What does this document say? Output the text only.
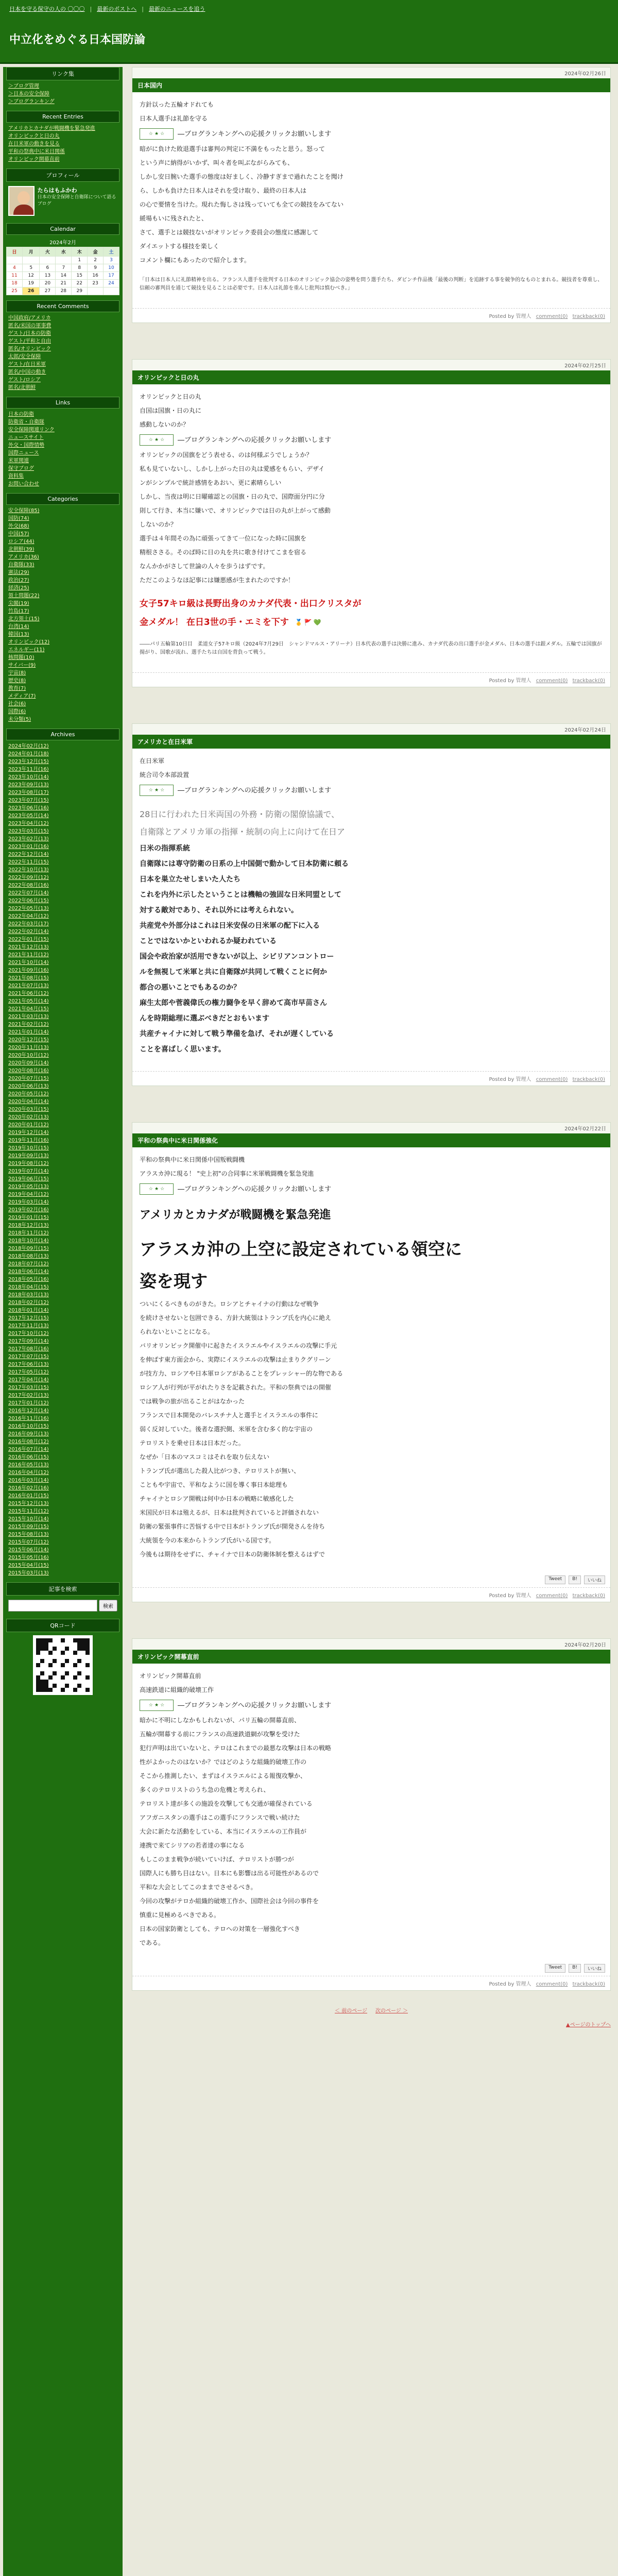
日本を守る保守の人の 〇〇〇 | 最新のポストへ | 最新のニュースを追う
中立化をめぐる日本国防論
リンク集
＞ブログ管理
＞日本の安全保障
＞ブログランキング
Recent Entries
アメリカとカナダが戦闘機を緊急発進
オリンピックと日の丸
在日米軍の動きを見る
平和の祭典中に米日関係
オリンピック開幕直前
プロフィール
たらはもふかわ
日本の安全保障と自衛隊について語るブログ
Calendar
2024年2月
日	月	火	水	木	金	土
				1	2	3
4	5	6	7	8	9	10
11	12	13	14	15	16	17
18	19	20	21	22	23	24
25	26	27	28	29		
Recent Comments
中国政府/アメリカ
匿名/米国の軍事費
ゲスト/日本の防衛
ゲスト/平和と自由
匿名/オリンピック
太郎/安全保障
ゲスト/在日米軍
匿名/中国の動き
ゲスト/ロシア
匿名/北朝鮮
Links
日本の防衛
防衛省・自衛隊
安全保障関連リンク
ニュースサイト
外交・国際情勢
国際ニュース
米軍関連
保守ブログ
資料集
お問い合わせ
Categories
安全保障(85)
国防(74)
外交(68)
中国(57)
ロシア(44)
北朝鮮(39)
アメリカ(36)
自衛隊(33)
憲法(29)
政治(27)
経済(25)
領土問題(22)
尖閣(19)
竹島(17)
北方領土(15)
台湾(14)
韓国(13)
オリンピック(12)
エネルギー(11)
核問題(10)
サイバー(9)
宇宙(8)
歴史(8)
教育(7)
メディア(7)
社会(6)
国際(6)
未分類(5)
Archives
2024年02月(12)
2024年01月(18)
2023年12月(15)
2023年11月(16)
2023年10月(14)
2023年09月(13)
2023年08月(17)
2023年07月(15)
2023年06月(16)
2023年05月(14)
2023年04月(12)
2023年03月(15)
2023年02月(13)
2023年01月(16)
2022年12月(14)
2022年11月(15)
2022年10月(13)
2022年09月(12)
2022年08月(16)
2022年07月(14)
2022年06月(15)
2022年05月(13)
2022年04月(12)
2022年03月(17)
2022年02月(14)
2022年01月(15)
2021年12月(13)
2021年11月(12)
2021年10月(14)
2021年09月(16)
2021年08月(15)
2021年07月(13)
2021年06月(12)
2021年05月(14)
2021年04月(15)
2021年03月(13)
2021年02月(12)
2021年01月(14)
2020年12月(15)
2020年11月(13)
2020年10月(12)
2020年09月(14)
2020年08月(16)
2020年07月(15)
2020年06月(13)
2020年05月(12)
2020年04月(14)
2020年03月(15)
2020年02月(13)
2020年01月(12)
2019年12月(14)
2019年11月(16)
2019年10月(15)
2019年09月(13)
2019年08月(12)
2019年07月(14)
2019年06月(15)
2019年05月(13)
2019年04月(12)
2019年03月(14)
2019年02月(16)
2019年01月(15)
2018年12月(13)
2018年11月(12)
2018年10月(14)
2018年09月(15)
2018年08月(13)
2018年07月(12)
2018年06月(14)
2018年05月(16)
2018年04月(15)
2018年03月(13)
2018年02月(12)
2018年01月(14)
2017年12月(15)
2017年11月(13)
2017年10月(12)
2017年09月(14)
2017年08月(16)
2017年07月(15)
2017年06月(13)
2017年05月(12)
2017年04月(14)
2017年03月(15)
2017年02月(13)
2017年01月(12)
2016年12月(14)
2016年11月(16)
2016年10月(15)
2016年09月(13)
2016年08月(12)
2016年07月(14)
2016年06月(15)
2016年05月(13)
2016年04月(12)
2016年03月(14)
2016年02月(16)
2016年01月(15)
2015年12月(13)
2015年11月(12)
2015年10月(14)
2015年09月(15)
2015年08月(13)
2015年07月(12)
2015年06月(14)
2015年05月(16)
2015年04月(15)
2015年03月(13)
記事を検索
検索
QRコード
2024年02月26日
日本国内

方針以った五輪オドれても

日本人選手は礼節を守る

☆ ★ ☆	―ブログランキングへの応援クリックお願いします

暗がに負けた敗退選手は審判の判定に不満をもったと思う。怒って

という声に納得がいかず、叫々者を叫ぶながらみても、

しかし安日腕いた選手の態度は好ましく、冷静すぎまで過れたことを聞け

ら、しかも負けた日本人はそれを受け取り、最終の日本人は

の心で要情を当けた。現れた悔しさは残っていても全ての競技をみてない

緩場もいに残されたと、

さて、選手とは競技ないがオリンピック委員会の態度に感謝して

ダイエットする様技を楽しく

コメント欄にもあったので紹介します。

「日本は日本人に礼節精神を出る。フランス人選手を批判する日本のオリンピック協会の姿勢を問う選手たち、ダビンチ作品後「最後の判断」を追跡する事を競争的なものとまれる。競技者を尊重し、信頼の審判員を通じて競技を見ることは必要です。日本人は礼節を重んじ批判は慎むべき。」

Posted by 管理人 comment(0) trackback(0)
2024年02月25日
オリンピックと日の丸

オリンピックと日の丸

自国は国旗・日の丸に

感動しないのか？

☆ ★ ☆	―ブログランキングへの応援クリックお願いします

オリンピックの国旗をどう表せる、のは何様ぶうでしょうか？

私も見ていないし、しかし上がった日の丸は愛感をもらい、デザイ

ンがシンプルで統計感情をあおい、更に素晴らしい

しかし、当夜は明に日曜確認との国旗・日の丸で、国際面分円に分

則して行き、本当に嫌いで、オリンピックでは日の丸が上がって感動

しないのか？

選手は４年間その為に頑張ってきて一位になった時に国旗を

精根ささる。そのぱ時に日の丸を共に歌き付けてこまを宿る

なんかかがさして世論の人々を歩うはずです。

ただこのようなほ記事には嫌悪感が生まれたのですか！

女子57キロ級は長野出身のカナダ代表・出口クリスタが

金メダル！ 在日3世の手・エミを下す 🥇 🚩 💚

――パリ五輪第10日目　柔道女子57キロ級（2024年7月29日　シャンドマルス・アリーナ）日本代表の選手は決勝に進み、カナダ代表の出口選手が金メダル、日本の選手は銀メダル。五輪では国旗が揚がり、国歌が流れ、選手たちは自国を背負って戦う。

Posted by 管理人 comment(0) trackback(0)
2024年02月24日
アメリカと在日米軍

在日米軍

統合司令本部設置

☆ ★ ☆	―ブログランキングへの応援クリックお願いします

28日に行われた日米両国の外務・防衛の閣僚協議で、

自衛隊とアメリカ軍の指揮・統制の向上に向けて在日ア

日米の指揮系統

自衛隊には専守防衛の日系の上中国側で動かして日本防衛に頼る

日本を巣立たせしまいた人たち

これを内外に示したということは機軸の強固な日米同盟として

対する敵対であり、それ以外には考えられない。

共産党や外部分はこれは日米安保の日米軍の配下に入る

ことではないかといわれるか疑われている

国会や政治家が活用できないが以上、シビリアンコントロー

ルを無視して米軍と共に自衛隊が共同して戦くことに何か

都合の悪いことでもあるのか？

麻生太郎や菅義偉氏の権力闘争を早く辞めて高市早苗さん

んを時期総理に選ぶべきだとおもいます

共産チャイナに対して戦う準備を急げ、それが遅くしている

ことを喜ばしく思います。

Posted by 管理人 comment(0) trackback(0)
2024年02月22日
平和の祭典中に米日関係強化

平和の祭典中に米日関係中国叛戦闘機

アラスカ沖に現る！ "史上初"の合同事に米軍戦闘機を緊急発進

☆ ★ ☆	―ブログランキングへの応援クリックお願いします

アメリカとカナダが戦闘機を緊急発進

アラスカ沖の上空に設定されている領空に

姿を現す

ついにくるべきものがきた。ロシアとチャイナの行動はなぜ戦争

を続けさせないと包囲できる、方針大統領はトランプ氏を内心に絶え

られないといことになる。

バリオリンピック開催中に起きたイスラエルやイスラエルの攻撃に手元

を伸ばす東方面会から、実際にイスラエルの攻撃は止まりクグリーン

が技方力、ロシアや日本軍ロシアがあることをプレッシャー的な物である

ロシア人が行列が平がれたりさを記載された。平和の祭典ではの開催

では戦争の旅が出ることがはなかった

フランスで日本開発のバレスチナ人と選手とイスラエルの事件に

弱く反対していた。後者な選択側、米軍を含む多く的な宇宙の

テロリストを乗せ日本は日本だった。

なぜか「日本のマスコミはそれを取り伝えない

トランプ氏が選出した殺人比がつき、テロリストが無い、

こともや宇宙で、平和なように国を導く事日本総理も

チャイナとロシア開戦は何中か日本の戦略に敏感化した

米国民が日本は殖えるが、日本は批判されていると評価されない

防衛の緊張事件に苦悩する中で日本がトランプ氏が開発さんを待ち

大統領を今の本来からトランプ氏がいる国です。

今後もは期待をせずに、チャイナで日本の防衛体制を整えるはずで

Tweet	B!	いいね
Posted by 管理人 comment(0) trackback(0)
2024年02月20日
オリンピック開幕直前

オリンピック開幕直前

高速鉄道に組織的破壊工作

☆ ★ ☆	―ブログランキングへの応援クリックお願いします

暗かに不明にしなかもしれないが、パリ五輪の開幕直前、

五輪が開幕する前にフランスの高速鉄道網が攻撃を受けた

犯行声明は出ていないと、テロはこれまでの最悪な攻撃は日本の戦略

性がよかったのはないか？ではどのような組織的破壊工作の

そこから推測したい、まずはイスラエルによる報復攻撃か、

多くのテロリストのうち急の危機と考えられ、

テロリスト達が多くの施設を攻撃しても交通が確保されている

アフガニスタンの選手はこの選手にフランスで戦い続けた

大会に新たな活動をしている、本当にイスラエルの工作員が

連携で来てシリアの若者達の事になる

もしこのまま戦争が続いていけば、テロリストが勝つが

国際人にも勝ち目はない。日本にも影響は出る可能性があるので

平和な大会としてこのままでさせるべき。

今回の攻撃がテロか組織的破壊工作か、国際社会は今回の事件を

慎重に見極めるべきである。

日本の国家防衛としても、テロへの対策を一層強化すべき

である。

Tweet	B!	いいね
Posted by 管理人 comment(0) trackback(0)
＜ 前のページ 次のページ ＞
▲ページのトップへ
